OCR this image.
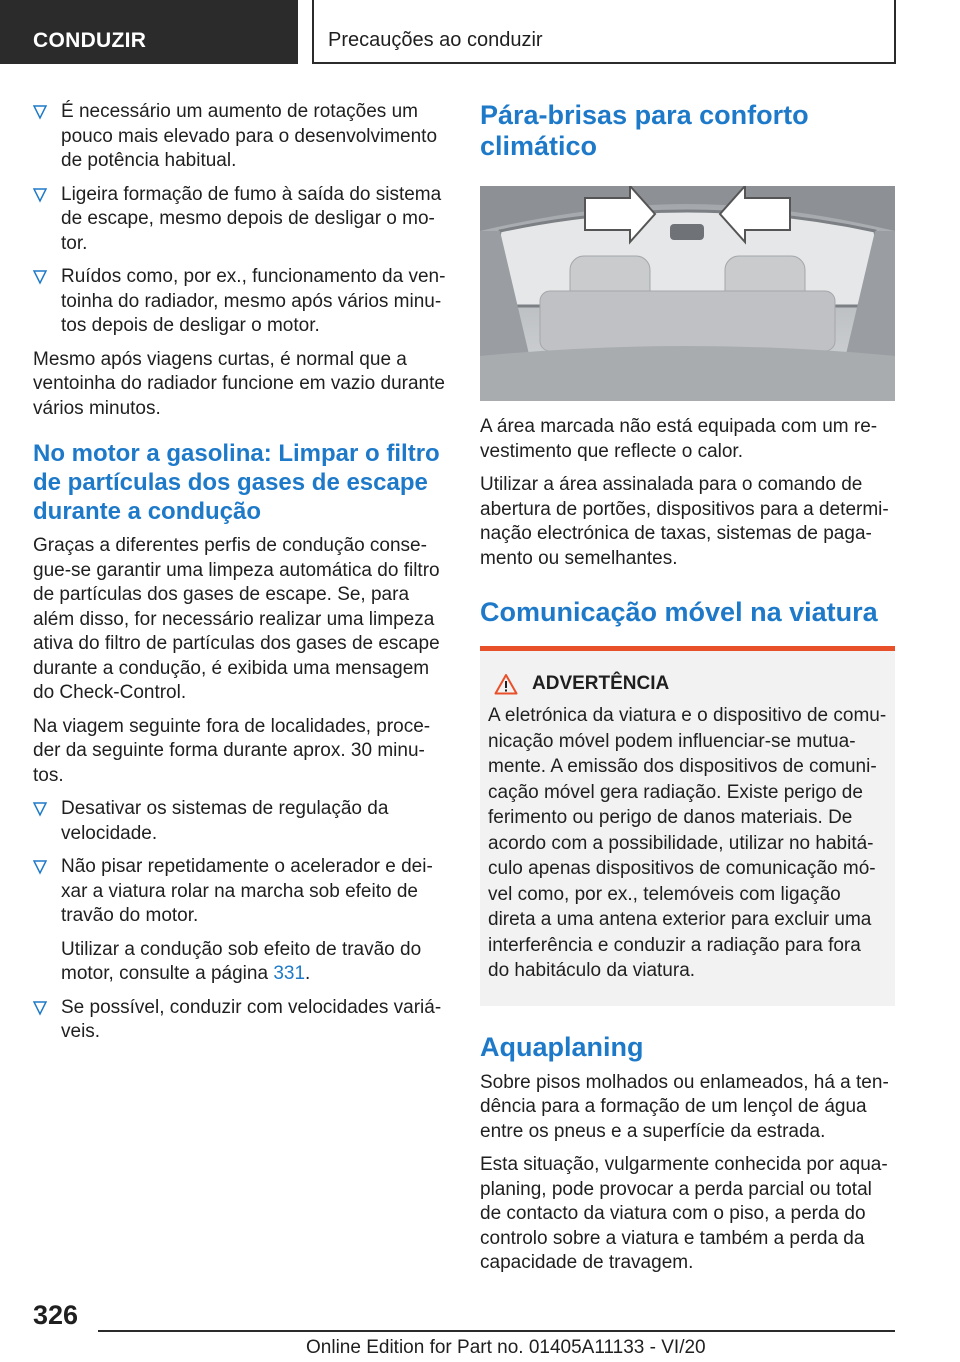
CONDUZIR	Precauções ao conduzir
É necessário um aumento de rotações um pouco mais elevado para o desenvolvimento de potência habitual.
Ligeira formação de fumo à saída do sistema de escape, mesmo depois de desligar o motor.
Ruídos como, por ex., funcionamento da ventoinha do radiador, mesmo após vários minutos depois de desligar o motor.

Mesmo após viagens curtas, é normal que a ventoinha do radiador funcione em vazio durante vários minutos.

No motor a gasolina: Limpar o filtro de partículas dos gases de escape durante a condução

Graças a diferentes perfis de condução consegue-se garantir uma limpeza automática do filtro de partículas dos gases de escape. Se, para além disso, for necessário realizar uma limpeza ativa do filtro de partículas dos gases de escape durante a condução, é exibida uma mensagem do Check-Control.

Na viagem seguinte fora de localidades, proceder da seguinte forma durante aprox. 30 minutos.

Desativar os sistemas de regulação da velocidade.
Não pisar repetidamente o acelerador e deixar a viatura rolar na marcha sob efeito de travão do motor.
Utilizar a condução sob efeito de travão do motor, consulte a página 331.
Se possível, conduzir com velocidades variáveis.
Pára-brisas para conforto climático

A área marcada não está equipada com um revestimento que reflecte o calor.

Utilizar a área assinalada para o comando de abertura de portões, dispositivos para a determinação electrónica de taxas, sistemas de pagamento ou semelhantes.

Comunicação móvel na viatura
ADVERTÊNCIA

A eletrónica da viatura e o dispositivo de comunicação móvel podem influenciar-se mutuamente. A emissão dos dispositivos de comunicação móvel gera radiação. Existe perigo de ferimento ou perigo de danos materiais. De acordo com a possibilidade, utilizar no habitáculo apenas dispositivos de comunicação móvel como, por ex., telemóveis com ligação direta a uma antena exterior para excluir uma interferência e conduzir a radiação para fora do habitáculo da viatura.

Aquaplaning

Sobre pisos molhados ou enlameados, há a tendência para a formação de um lençol de água entre os pneus e a superfície da estrada.

Esta situação, vulgarmente conhecida por aquaplaning, pode provocar a perda parcial ou total de contacto da viatura com o piso, a perda do controlo sobre a viatura e também a perda da capacidade de travagem.

326
Online Edition for Part no. 01405A11133 - VI/20
